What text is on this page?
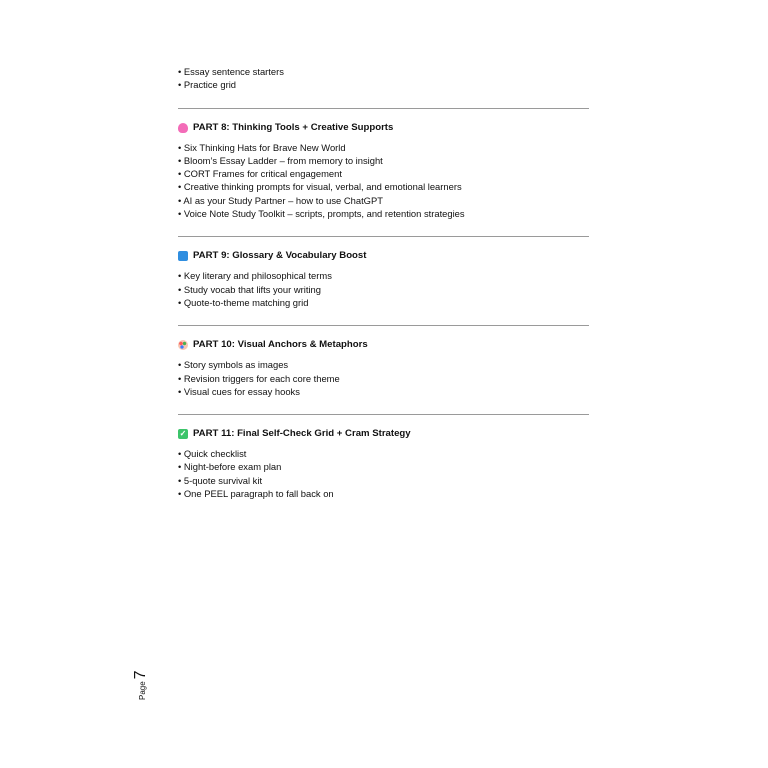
• Essay sentence starters
• Practice grid
PART 8: Thinking Tools + Creative Supports
• Six Thinking Hats for Brave New World
• Bloom’s Essay Ladder – from memory to insight
• CORT Frames for critical engagement
• Creative thinking prompts for visual, verbal, and emotional learners
• AI as your Study Partner – how to use ChatGPT
• Voice Note Study Toolkit – scripts, prompts, and retention strategies
PART 9: Glossary & Vocabulary Boost
• Key literary and philosophical terms
• Study vocab that lifts your writing
• Quote-to-theme matching grid
PART 10: Visual Anchors & Metaphors
• Story symbols as images
• Revision triggers for each core theme
• Visual cues for essay hooks
✓ PART 11: Final Self-Check Grid + Cram Strategy
• Quick checklist
• Night-before exam plan
• 5-quote survival kit
• One PEEL paragraph to fall back on
Page
7
